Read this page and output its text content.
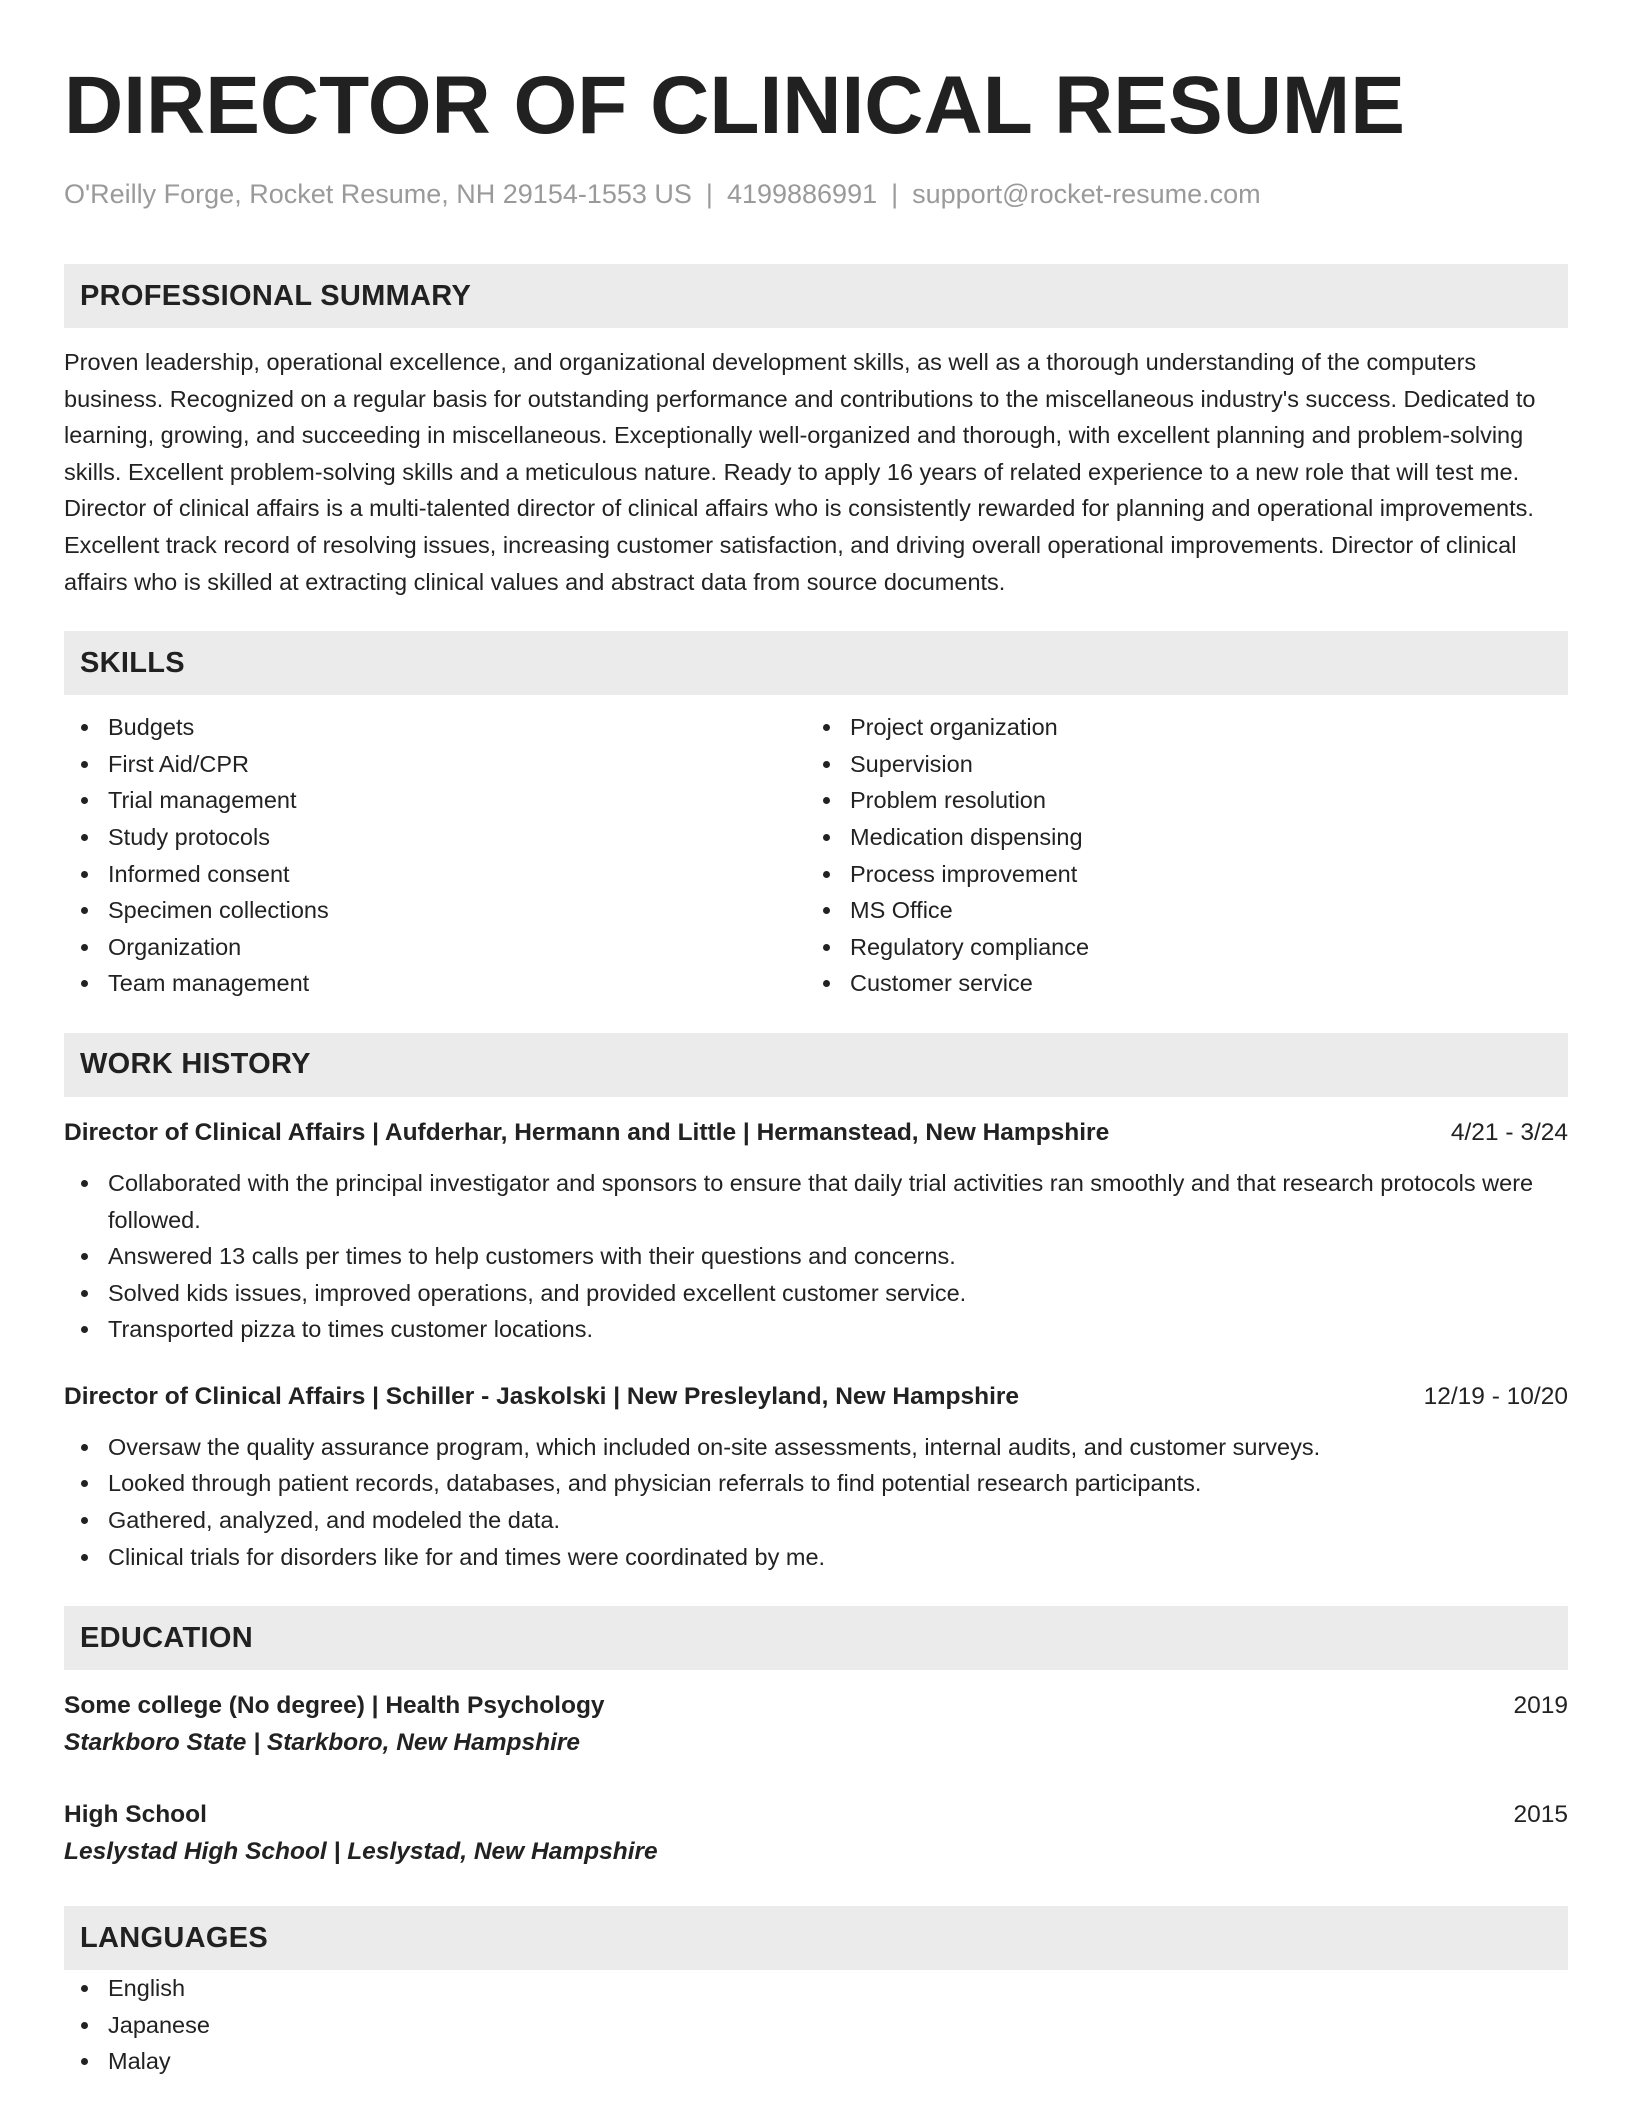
DIRECTOR OF CLINICAL RESUME
O'Reilly Forge, Rocket Resume, NH 29154-1553 US | 4199886991 | support@rocket-resume.com
PROFESSIONAL SUMMARY
Proven leadership, operational excellence, and organizational development skills, as well as a thorough understanding of the computers business. Recognized on a regular basis for outstanding performance and contributions to the miscellaneous industry's success. Dedicated to learning, growing, and succeeding in miscellaneous. Exceptionally well-organized and thorough, with excellent planning and problem-solving skills. Excellent problem-solving skills and a meticulous nature. Ready to apply 16 years of related experience to a new role that will test me. Director of clinical affairs is a multi-talented director of clinical affairs who is consistently rewarded for planning and operational improvements. Excellent track record of resolving issues, increasing customer satisfaction, and driving overall operational improvements. Director of clinical affairs who is skilled at extracting clinical values and abstract data from source documents.
SKILLS
Budgets
First Aid/CPR
Trial management
Study protocols
Informed consent
Specimen collections
Organization
Team management
Project organization
Supervision
Problem resolution
Medication dispensing
Process improvement
MS Office
Regulatory compliance
Customer service
WORK HISTORY
Director of Clinical Affairs | Aufderhar, Hermann and Little | Hermanstead, New Hampshire	4/21 - 3/24
Collaborated with the principal investigator and sponsors to ensure that daily trial activities ran smoothly and that research protocols were followed.
Answered 13 calls per times to help customers with their questions and concerns.
Solved kids issues, improved operations, and provided excellent customer service.
Transported pizza to times customer locations.
Director of Clinical Affairs | Schiller - Jaskolski | New Presleyland, New Hampshire	12/19 - 10/20
Oversaw the quality assurance program, which included on-site assessments, internal audits, and customer surveys.
Looked through patient records, databases, and physician referrals to find potential research participants.
Gathered, analyzed, and modeled the data.
Clinical trials for disorders like for and times were coordinated by me.
EDUCATION
Some college (No degree) | Health Psychology	2019
Starkboro State | Starkboro, New Hampshire
High School	2015
Leslystad High School | Leslystad, New Hampshire
LANGUAGES
English
Japanese
Malay
